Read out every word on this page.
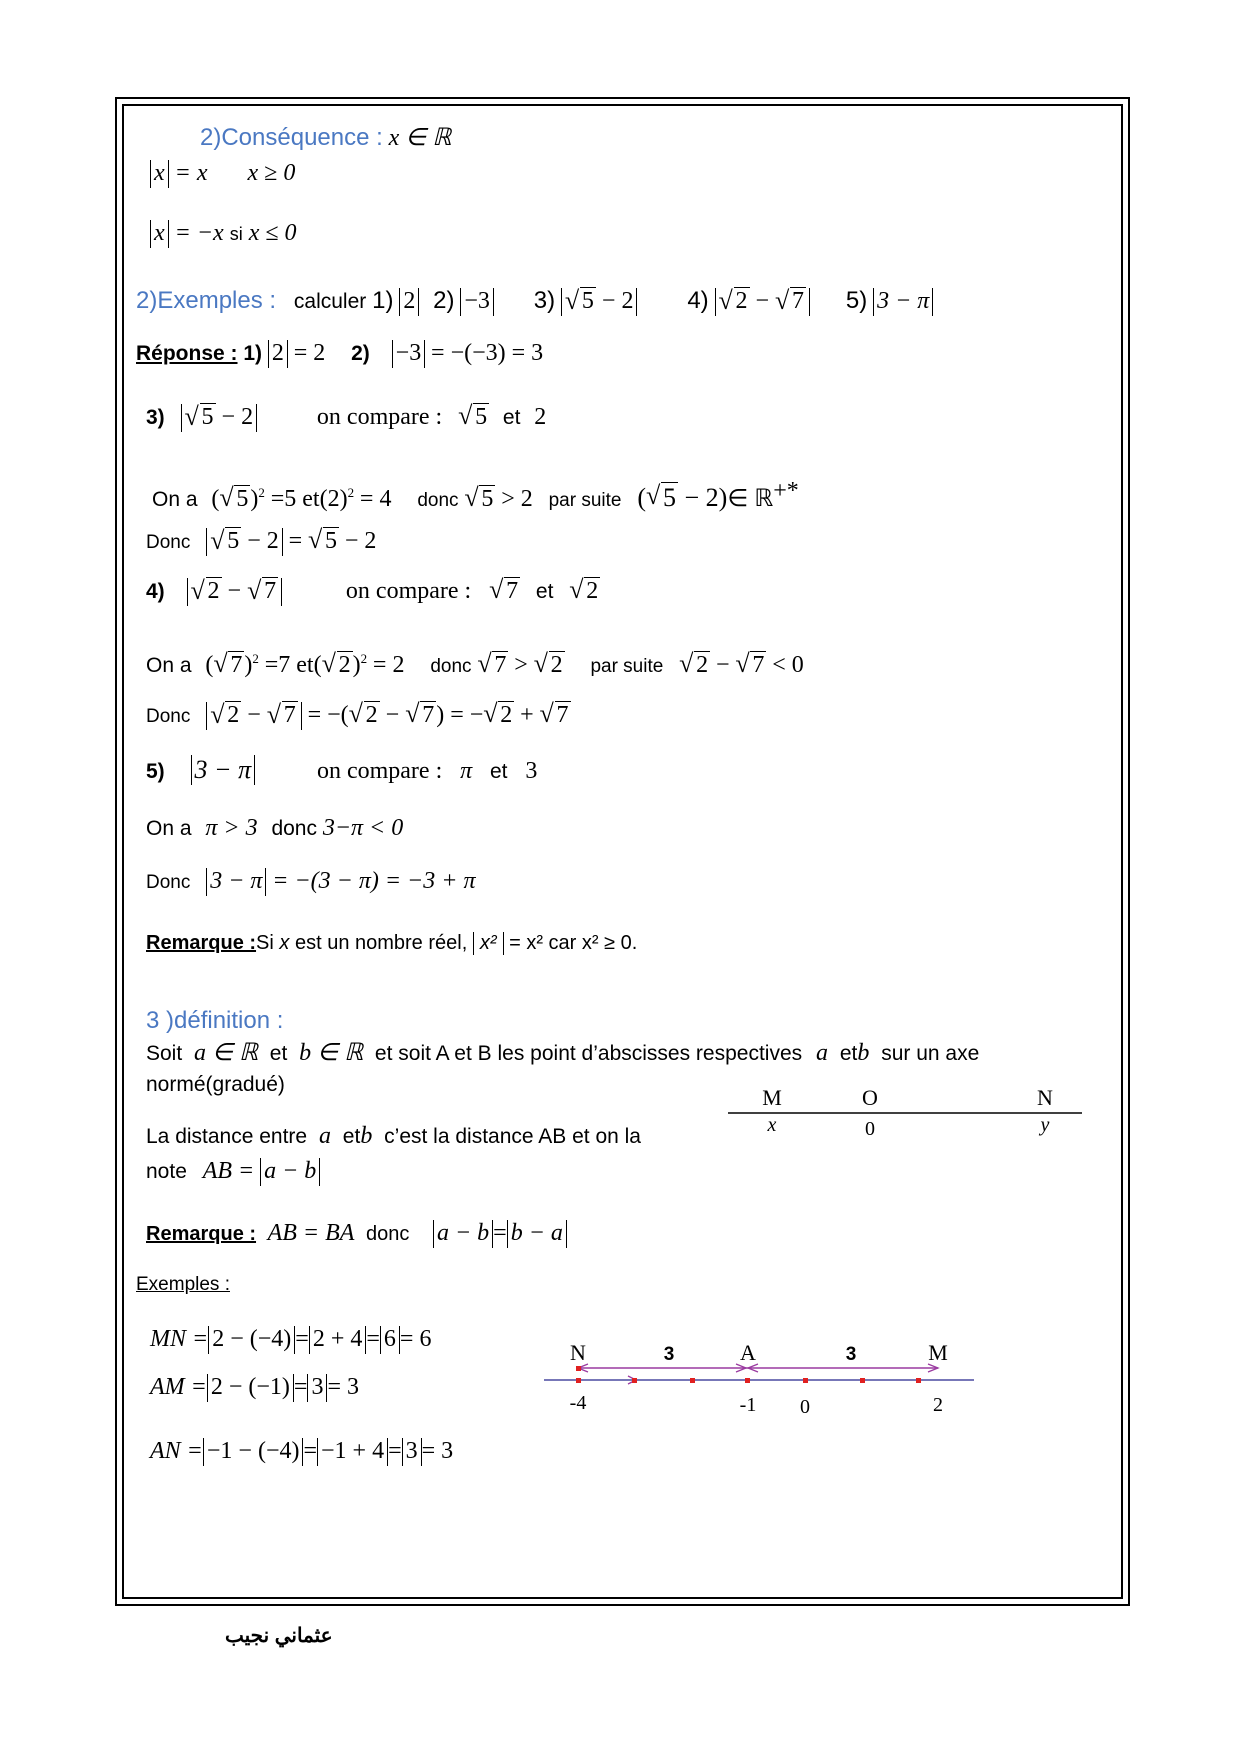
2)Conséquence : x ∈ ℝ
x = x x ≥ 0
x = −x si x ≤ 0
2)Exemples : calculer 1) 2 2) −3 3) √ 5 − 2 4) √ 2 − √ 7 5) 3 − π
Réponse : 1) 2 = 2 2) −3 = −(−3) = 3
3) √ 5 − 2	on compare : √ 5 et 2
On a ( √ 5)$^2$ =5 $et(2)^2 = 4$ donc √ 5 > 2 par suite ( √ 5 − 2)∈ ℝ+*
Donc √ 5 − 2 = √ 5 − 2
4) √ 2 − √ 7	on compare : √ 7 et √ 2
On a ( √ 7)$^2$ =7 et( √ 2)$^2$ = 2 donc √ 7 > √ 2 par suite √ 2 − √ 7 < 0
Donc √ 2 − √ 7 = −( √ 2 − √ 7) = − √ 2 + √ 7
5) 3 − π	on compare : π et 3
On a π > 3 donc 3−π < 0
Donc 3 − π = −(3 − π) = −3 + π
Remarque :Si x est un nombre réel, x² = x² car x² ≥ 0.
3 )définition :
Soit a ∈ ℝ et b ∈ ℝ et soit A et B les point d’abscisses respectives a etb sur un axe
normé(gradué)
La distance entre a etb c’est la distance AB et on la
note AB = a − b
M	O	N
x	0	y
Remarque : AB = BA donc a − b = b − a
Exemples :
MN = 2 − (−4) = 2 + 4 = 6 = 6
AM = 2 − (−1) = 3 = 3
AN = −1 − (−4) = −1 + 4 = 3 = 3
N	A	M
3	3
-4	-1 0	2
عثماني نجيب
